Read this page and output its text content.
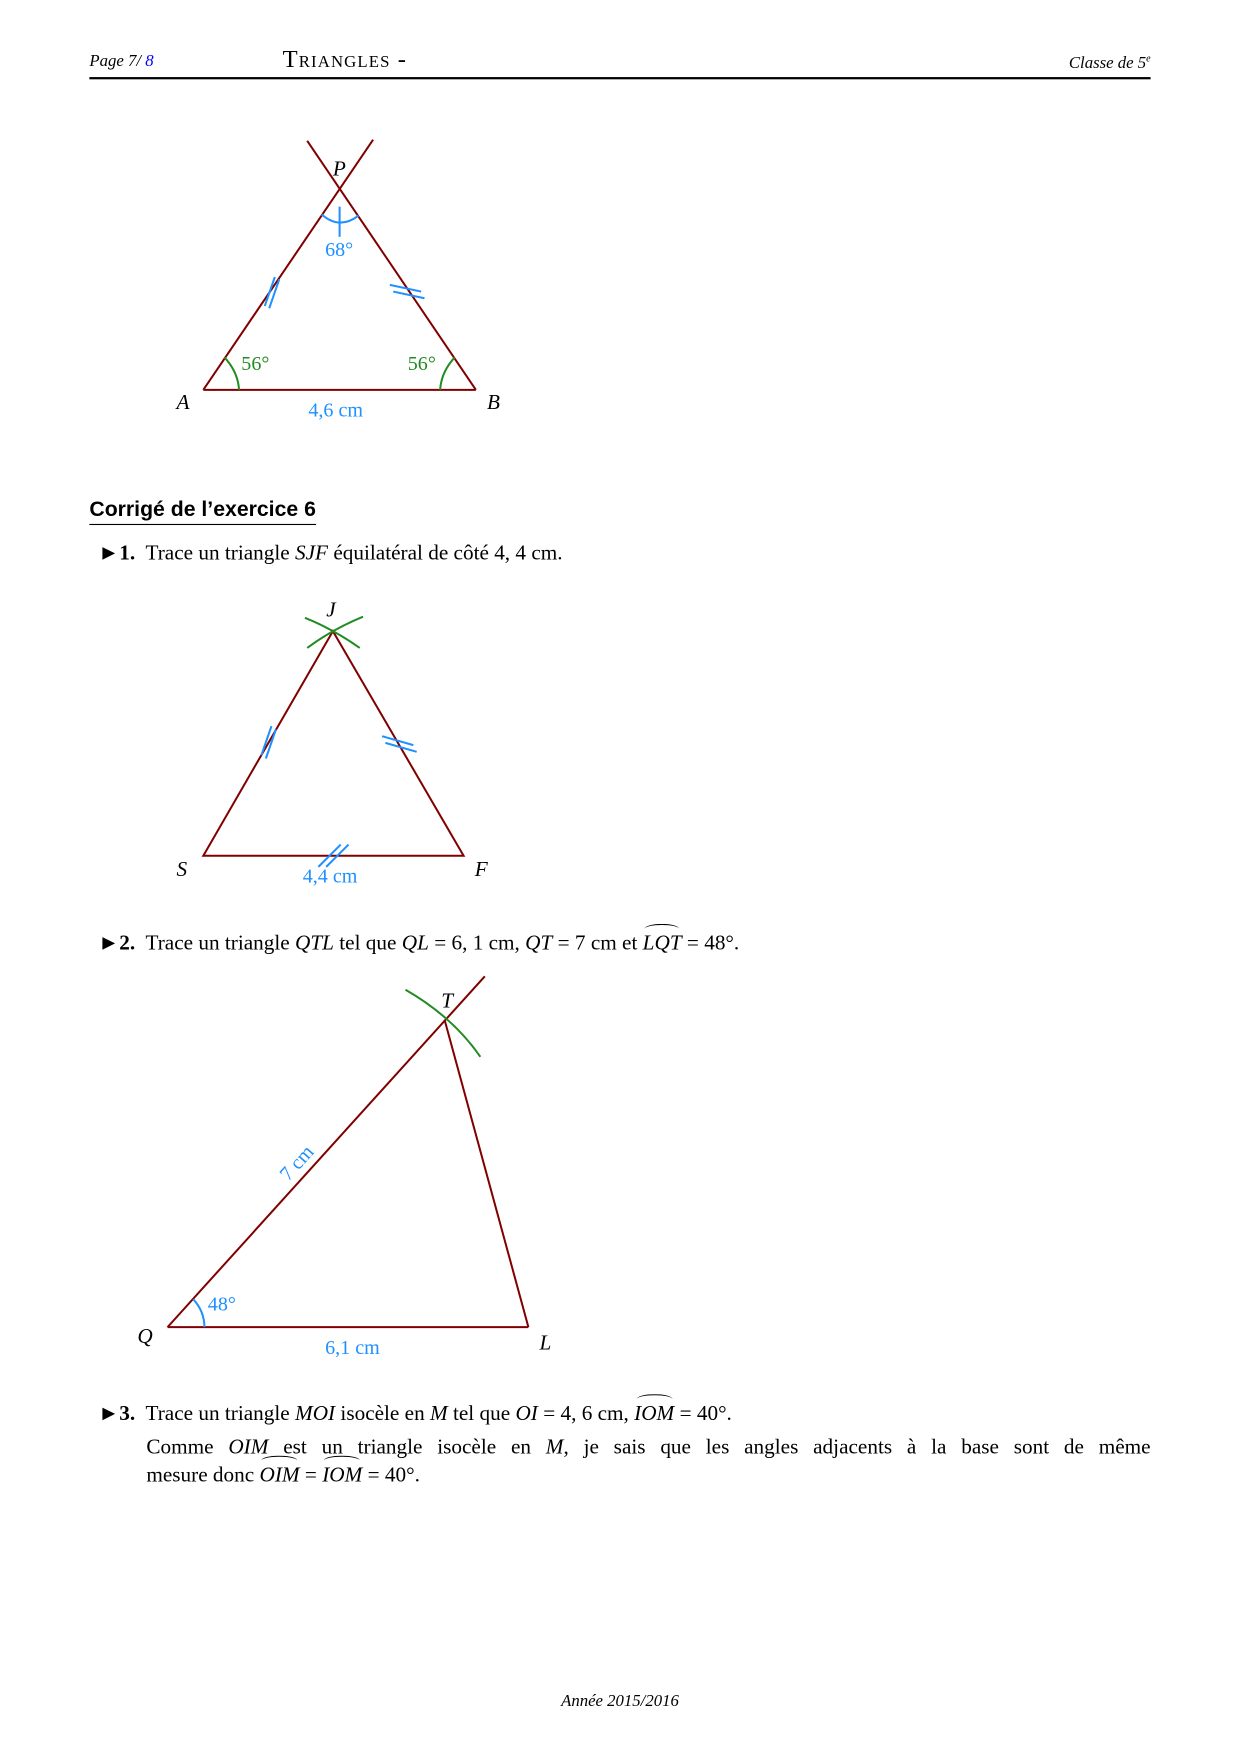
Page 7/ 8	Triangles -	Classe de 5e
P
A	B
68°
56°	56°
4,6 cm
J
S	F
4,4 cm
T
Q	L
48°
7 cm
6,1 cm
Corrigé de l’exercice 6
►1. Trace un triangle SJF équilatéral de côté 4, 4 cm.
►2. Trace un triangle QTL tel que QL = 6, 1 cm, QT = 7 cm et LQT = 48°.
►3. Trace un triangle MOI isocèle en M tel que OI = 4, 6 cm, IOM = 40°.
Comme OIM est un triangle isocèle en M, je sais que les angles adjacents à la base sont de même
mesure donc OIM = IOM = 40°.
Année 2015/2016
